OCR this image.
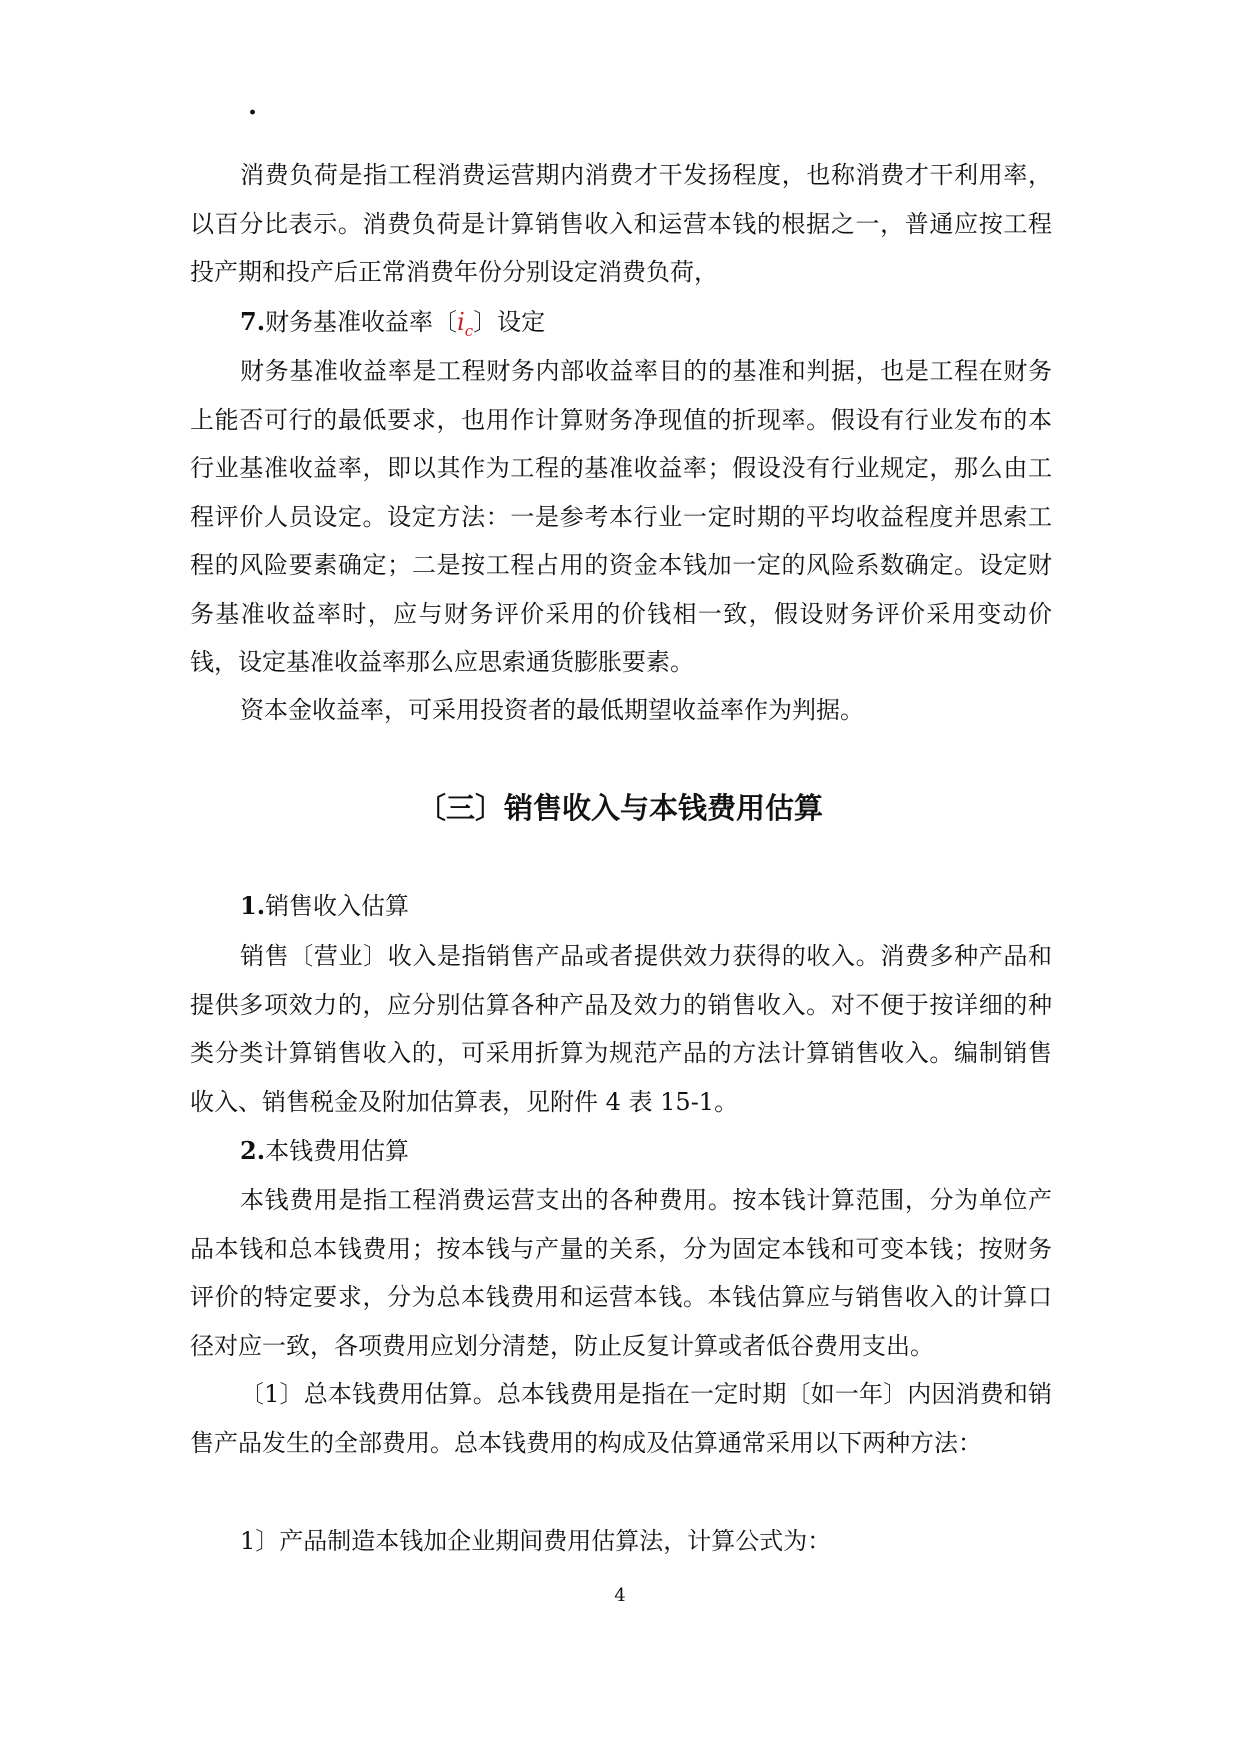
·

消费负荷是指工程消费运营期内消费才干发扬程度，也称消费才干利用率，以百分比表示。消费负荷是计算销售收入和运营本钱的根据之一，普通应按工程投产期和投产后正常消费年份分别设定消费负荷，

7.财务基准收益率〔$i_c$〕设定

财务基准收益率是工程财务内部收益率目的的基准和判据，也是工程在财务上能否可行的最低要求，也用作计算财务净现值的折现率。假设有行业发布的本行业基准收益率，即以其作为工程的基准收益率；假设没有行业规定，那么由工程评价人员设定。设定方法：一是参考本行业一定时期的平均收益程度并思索工程的风险要素确定；二是按工程占用的资金本钱加一定的风险系数确定。设定财务基准收益率时，应与财务评价采用的价钱相一致，假设财务评价采用变动价钱，设定基准收益率那么应思索通货膨胀要素。

资本金收益率，可采用投资者的最低期望收益率作为判据。

〔三〕销售收入与本钱费用估算

1.销售收入估算

销售〔营业〕收入是指销售产品或者提供效力获得的收入。消费多种产品和提供多项效力的，应分别估算各种产品及效力的销售收入。对不便于按详细的种类分类计算销售收入的，可采用折算为规范产品的方法计算销售收入。编制销售收入、销售税金及附加估算表，见附件 4 表 15-1。

2.本钱费用估算

本钱费用是指工程消费运营支出的各种费用。按本钱计算范围，分为单位产品本钱和总本钱费用；按本钱与产量的关系，分为固定本钱和可变本钱；按财务评价的特定要求，分为总本钱费用和运营本钱。本钱估算应与销售收入的计算口径对应一致，各项费用应划分清楚，防止反复计算或者低谷费用支出。

〔1〕总本钱费用估算。总本钱费用是指在一定时期〔如一年〕内因消费和销售产品发生的全部费用。总本钱费用的构成及估算通常采用以下两种方法：

1〕产品制造本钱加企业期间费用估算法，计算公式为：

4
